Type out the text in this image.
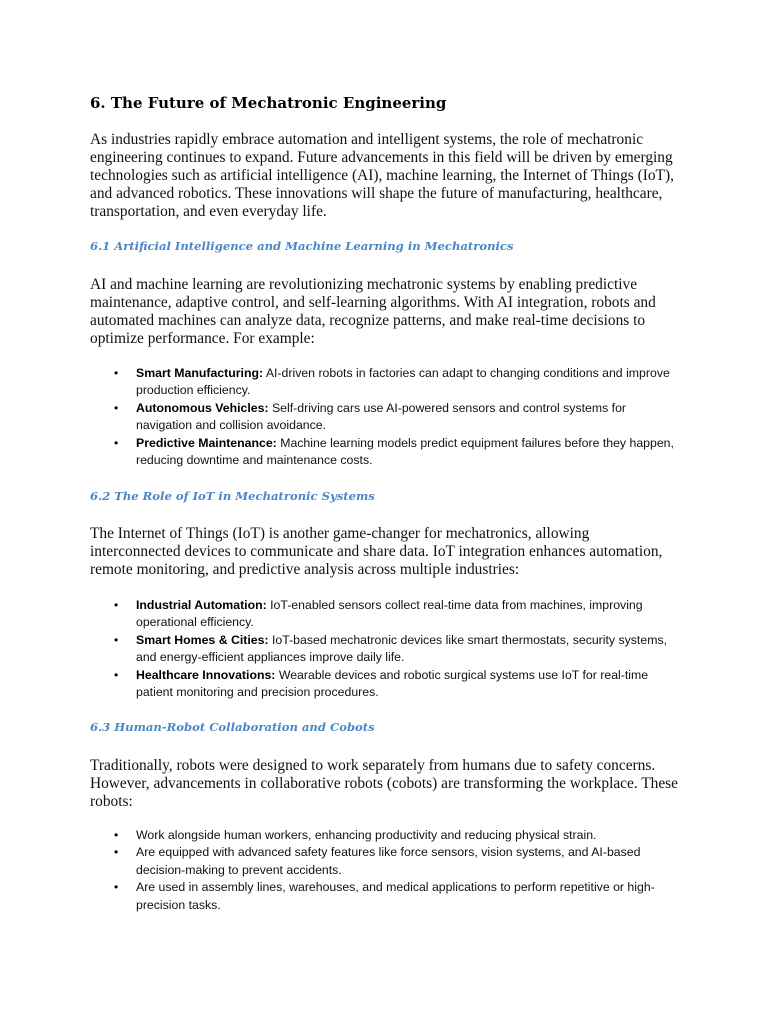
6. The Future of Mechatronic Engineering

As industries rapidly embrace automation and intelligent systems, the role of mechatronic engineering continues to expand. Future advancements in this field will be driven by emerging technologies such as artificial intelligence (AI), machine learning, the Internet of Things (IoT), and advanced robotics. These innovations will shape the future of manufacturing, healthcare, transportation, and even everyday life.

6.1 Artificial Intelligence and Machine Learning in Mechatronics

AI and machine learning are revolutionizing mechatronic systems by enabling predictive maintenance, adaptive control, and self-learning algorithms. With AI integration, robots and automated machines can analyze data, recognize patterns, and make real-time decisions to optimize performance. For example:

• Smart Manufacturing: AI-driven robots in factories can adapt to changing conditions and improve production efficiency.
• Autonomous Vehicles: Self-driving cars use AI-powered sensors and control systems for navigation and collision avoidance.
• Predictive Maintenance: Machine learning models predict equipment failures before they happen, reducing downtime and maintenance costs.
6.2 The Role of IoT in Mechatronic Systems

The Internet of Things (IoT) is another game-changer for mechatronics, allowing interconnected devices to communicate and share data. IoT integration enhances automation, remote monitoring, and predictive analysis across multiple industries:

• Industrial Automation: IoT-enabled sensors collect real-time data from machines, improving operational efficiency.
• Smart Homes & Cities: IoT-based mechatronic devices like smart thermostats, security systems, and energy-efficient appliances improve daily life.
• Healthcare Innovations: Wearable devices and robotic surgical systems use IoT for real-time patient monitoring and precision procedures.
6.3 Human-Robot Collaboration and Cobots

Traditionally, robots were designed to work separately from humans due to safety concerns. However, advancements in collaborative robots (cobots) are transforming the workplace. These robots:

• Work alongside human workers, enhancing productivity and reducing physical strain.
• Are equipped with advanced safety features like force sensors, vision systems, and AI-based decision-making to prevent accidents.
• Are used in assembly lines, warehouses, and medical applications to perform repetitive or high-precision tasks.
